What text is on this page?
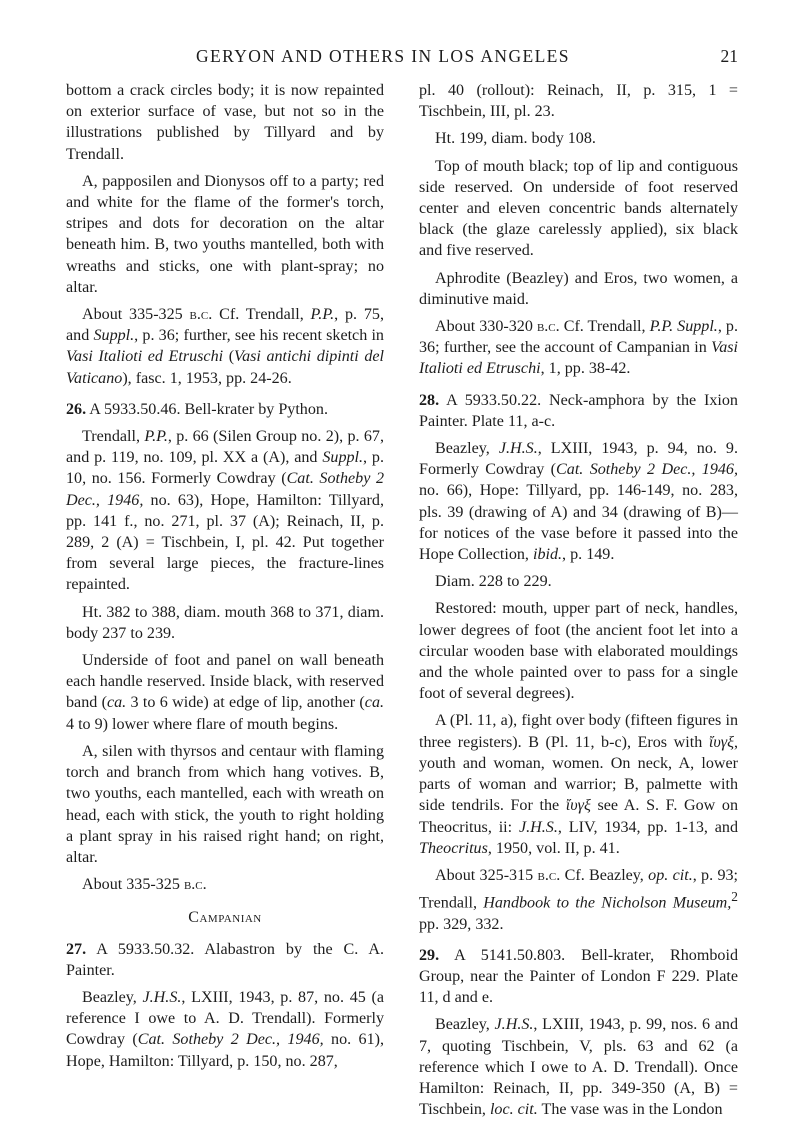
GERYON AND OTHERS IN LOS ANGELES	21

bottom a crack circles body; it is now repainted on exterior surface of vase, but not so in the illustrations published by Tillyard and by Trendall.

A, papposilen and Dionysos off to a party; red and white for the flame of the former's torch, stripes and dots for decoration on the altar beneath him. B, two youths mantelled, both with wreaths and sticks, one with plant-spray; no altar.

About 335-325 b.c. Cf. Trendall, P.P., p. 75, and Suppl., p. 36; further, see his recent sketch in Vasi Italioti ed Etruschi (Vasi antichi dipinti del Vaticano), fasc. 1, 1953, pp. 24-26.

26. A 5933.50.46. Bell-krater by Python.

Trendall, P.P., p. 66 (Silen Group no. 2), p. 67, and p. 119, no. 109, pl. XX a (A), and Suppl., p. 10, no. 156. Formerly Cowdray (Cat. Sotheby 2 Dec., 1946, no. 63), Hope, Hamilton: Tillyard, pp. 141 f., no. 271, pl. 37 (A); Reinach, II, p. 289, 2 (A) = Tischbein, I, pl. 42. Put together from several large pieces, the fracture-lines repainted.

Ht. 382 to 388, diam. mouth 368 to 371, diam. body 237 to 239.

Underside of foot and panel on wall beneath each handle reserved. Inside black, with reserved band (ca. 3 to 6 wide) at edge of lip, another (ca. 4 to 9) lower where flare of mouth begins.

A, silen with thyrsos and centaur with flaming torch and branch from which hang votives. B, two youths, each mantelled, each with wreath on head, each with stick, the youth to right holding a plant spray in his raised right hand; on right, altar.

About 335-325 b.c.

Campanian

27. A 5933.50.32. Alabastron by the C. A. Painter.

Beazley, J.H.S., LXIII, 1943, p. 87, no. 45 (a reference I owe to A. D. Trendall). Formerly Cowdray (Cat. Sotheby 2 Dec., 1946, no. 61), Hope, Hamilton: Tillyard, p. 150, no. 287,

pl. 40 (rollout): Reinach, II, p. 315, 1 = Tischbein, III, pl. 23.

Ht. 199, diam. body 108.

Top of mouth black; top of lip and contiguous side reserved. On underside of foot reserved center and eleven concentric bands alternately black (the glaze carelessly applied), six black and five reserved.

Aphrodite (Beazley) and Eros, two women, a diminutive maid.

About 330-320 b.c. Cf. Trendall, P.P. Suppl., p. 36; further, see the account of Campanian in Vasi Italioti ed Etruschi, 1, pp. 38-42.

28. A 5933.50.22. Neck-amphora by the Ixion Painter. Plate 11, a-c.

Beazley, J.H.S., LXIII, 1943, p. 94, no. 9. Formerly Cowdray (Cat. Sotheby 2 Dec., 1946, no. 66), Hope: Tillyard, pp. 146-149, no. 283, pls. 39 (drawing of A) and 34 (drawing of B)—for notices of the vase before it passed into the Hope Collection, ibid., p. 149.

Diam. 228 to 229.

Restored: mouth, upper part of neck, handles, lower degrees of foot (the ancient foot let into a circular wooden base with elaborated mouldings and the whole painted over to pass for a single foot of several degrees).

A (Pl. 11, a), fight over body (fifteen figures in three registers). B (Pl. 11, b-c), Eros with ἴυγξ, youth and woman, women. On neck, A, lower parts of woman and warrior; B, palmette with side tendrils. For the ἴυγξ see A. S. F. Gow on Theocritus, ii: J.H.S., LIV, 1934, pp. 1-13, and Theocritus, 1950, vol. II, p. 41.

About 325-315 b.c. Cf. Beazley, op. cit., p. 93; Trendall, Handbook to the Nicholson Museum,$^2$ pp. 329, 332.

29. A 5141.50.803. Bell-krater, Rhomboid Group, near the Painter of London F 229. Plate 11, d and e.

Beazley, J.H.S., LXIII, 1943, p. 99, nos. 6 and 7, quoting Tischbein, V, pls. 63 and 62 (a reference which I owe to A. D. Trendall). Once Hamilton: Reinach, II, pp. 349-350 (A, B) = Tischbein, loc. cit. The vase was in the London
